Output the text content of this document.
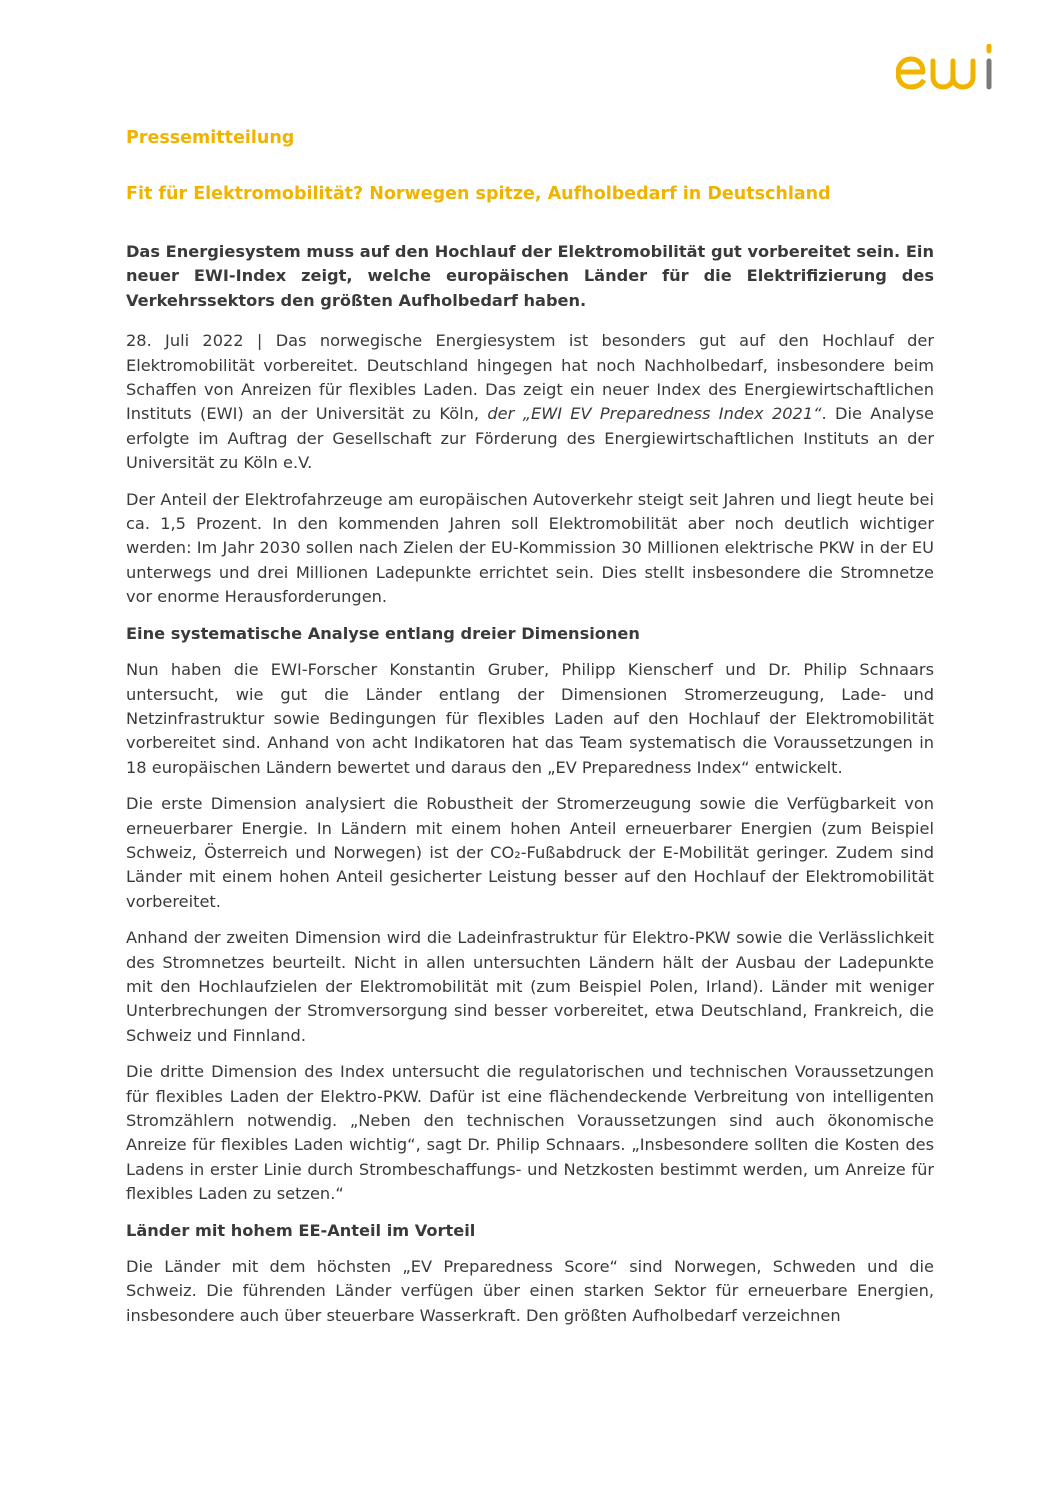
Pressemitteilung
Fit für Elektromobilität? Norwegen spitze, Aufholbedarf in Deutschland

Das Energiesystem muss auf den Hochlauf der Elektromobilität gut vorbereitet sein. Ein neuer EWI-Index zeigt, welche europäischen Länder für die Elektrifizierung des Verkehrssektors den größten Aufholbedarf haben.

28. Juli 2022 | Das norwegische Energiesystem ist besonders gut auf den Hochlauf der Elektromobilität vorbereitet. Deutschland hingegen hat noch Nachholbedarf, insbesondere beim Schaffen von Anreizen für flexibles Laden. Das zeigt ein neuer Index des Energiewirtschaftlichen Instituts (EWI) an der Universität zu Köln, der „EWI EV Preparedness Index 2021“. Die Analyse erfolgte im Auftrag der Gesellschaft zur Förderung des Energiewirtschaftlichen Instituts an der Universität zu Köln e.V.

Der Anteil der Elektrofahrzeuge am europäischen Autoverkehr steigt seit Jahren und liegt heute bei ca. 1,5 Prozent. In den kommenden Jahren soll Elektromobilität aber noch deutlich wichtiger werden: Im Jahr 2030 sollen nach Zielen der EU-Kommission 30 Millionen elektrische PKW in der EU unterwegs und drei Millionen Ladepunkte errichtet sein. Dies stellt insbesondere die Stromnetze vor enorme Herausforderungen.

Eine systematische Analyse entlang dreier Dimensionen

Nun haben die EWI-Forscher Konstantin Gruber, Philipp Kienscherf und Dr. Philip Schnaars untersucht, wie gut die Länder entlang der Dimensionen Stromerzeugung, Lade- und Netzinfrastruktur sowie Bedingungen für flexibles Laden auf den Hochlauf der Elektromobilität vorbereitet sind. Anhand von acht Indikatoren hat das Team systematisch die Voraussetzungen in 18 europäischen Ländern bewertet und daraus den „EV Preparedness Index“ entwickelt.

Die erste Dimension analysiert die Robustheit der Stromerzeugung sowie die Verfügbarkeit von erneuerbarer Energie. In Ländern mit einem hohen Anteil erneuerbarer Energien (zum Beispiel Schweiz, Österreich und Norwegen) ist der CO₂-Fußabdruck der E-Mobilität geringer. Zudem sind Länder mit einem hohen Anteil gesicherter Leistung besser auf den Hochlauf der Elektromobilität vorbereitet.

Anhand der zweiten Dimension wird die Ladeinfrastruktur für Elektro-PKW sowie die Verlässlichkeit des Stromnetzes beurteilt. Nicht in allen untersuchten Ländern hält der Ausbau der Ladepunkte mit den Hochlaufzielen der Elektromobilität mit (zum Beispiel Polen, Irland). Länder mit weniger Unterbrechungen der Stromversorgung sind besser vorbereitet, etwa Deutschland, Frankreich, die Schweiz und Finnland.

Die dritte Dimension des Index untersucht die regulatorischen und technischen Voraussetzungen für flexibles Laden der Elektro-PKW. Dafür ist eine flächendeckende Verbreitung von intelligenten Stromzählern notwendig. „Neben den technischen Voraussetzungen sind auch ökonomische Anreize für flexibles Laden wichtig“, sagt Dr. Philip Schnaars. „Insbesondere sollten die Kosten des Ladens in erster Linie durch Strombeschaffungs- und Netzkosten bestimmt werden, um Anreize für flexibles Laden zu setzen.“

Länder mit hohem EE-Anteil im Vorteil

Die Länder mit dem höchsten „EV Preparedness Score“ sind Norwegen, Schweden und die Schweiz. Die führenden Länder verfügen über einen starken Sektor für erneuerbare Energien, insbesondere auch über steuerbare Wasserkraft. Den größten Aufholbedarf verzeichnen
